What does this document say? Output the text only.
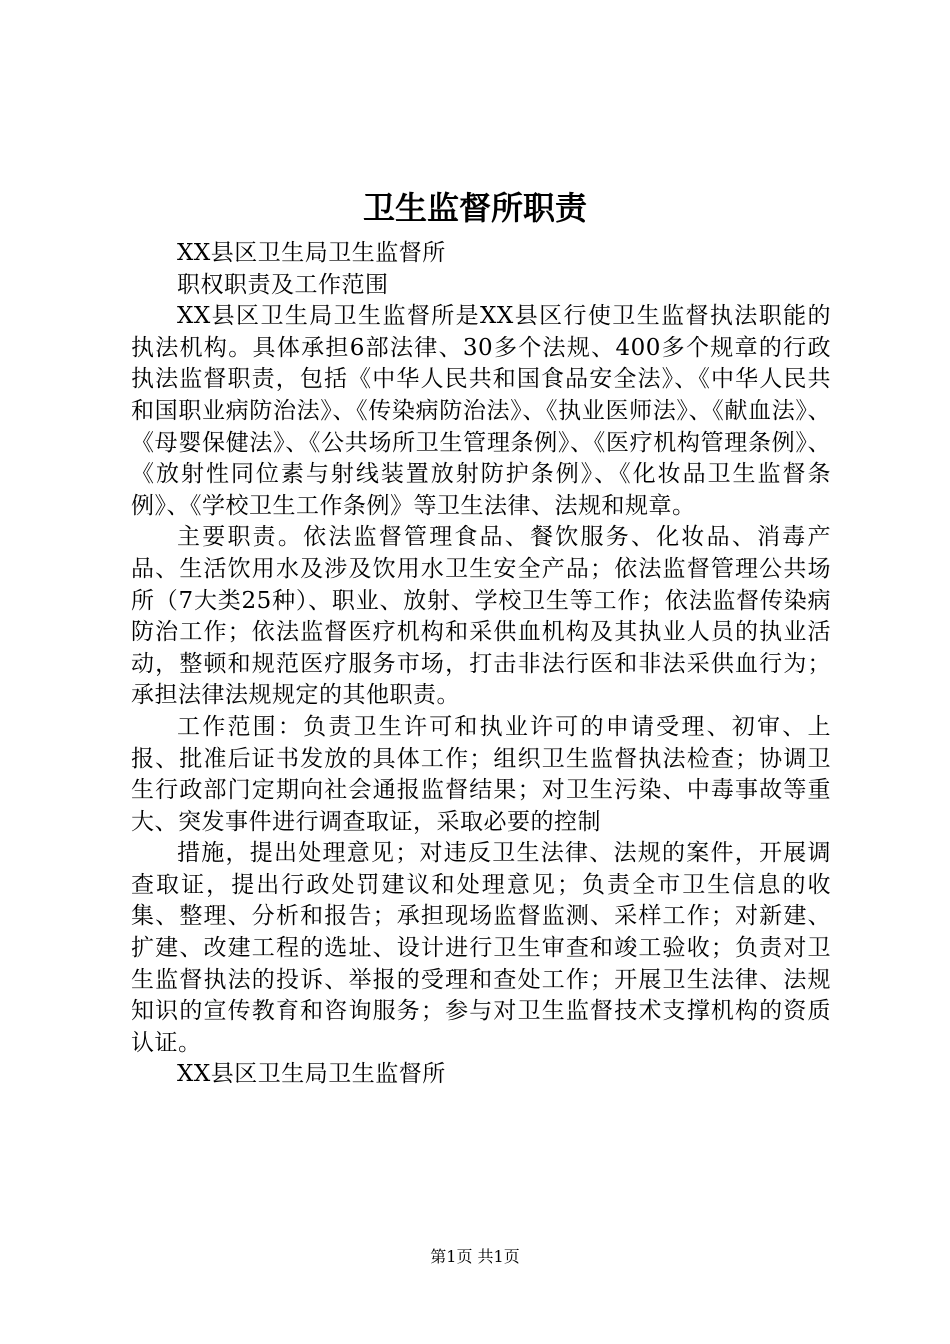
卫生监督所职责

XX县区卫生局卫生监督所

职权职责及工作范围

XX县区卫生局卫生监督所是XX县区行使卫生监督执法职能的执法机构。具体承担6部法律、30多个法规、400多个规章的行政执法监督职责，包括《中华人民共和国食品安全法》、《中华人民共和国职业病防治法》、《传染病防治法》、《执业医师法》、《献血法》、《母婴保健法》、《公共场所卫生管理条例》、《医疗机构管理条例》、《放射性同位素与射线装置放射防护条例》、《化妆品卫生监督条例》、《学校卫生工作条例》等卫生法律、法规和规章。

主要职责。依法监督管理食品、餐饮服务、化妆品、消毒产品、生活饮用水及涉及饮用水卫生安全产品；依法监督管理公共场所（7大类25种）、职业、放射、学校卫生等工作；依法监督传染病防治工作；依法监督医疗机构和采供血机构及其执业人员的执业活动，整顿和规范医疗服务市场，打击非法行医和非法采供血行为；承担法律法规规定的其他职责。

工作范围：负责卫生许可和执业许可的申请受理、初审、上报、批准后证书发放的具体工作；组织卫生监督执法检查；协调卫生行政部门定期向社会通报监督结果；对卫生污染、中毒事故等重大、突发事件进行调查取证，采取必要的控制

措施，提出处理意见；对违反卫生法律、法规的案件，开展调查取证，提出行政处罚建议和处理意见；负责全市卫生信息的收集、整理、分析和报告；承担现场监督监测、采样工作；对新建、扩建、改建工程的选址、设计进行卫生审查和竣工验收；负责对卫生监督执法的投诉、举报的受理和查处工作；开展卫生法律、法规知识的宣传教育和咨询服务；参与对卫生监督技术支撑机构的资质认证。

XX县区卫生局卫生监督所

第1页 共1页
